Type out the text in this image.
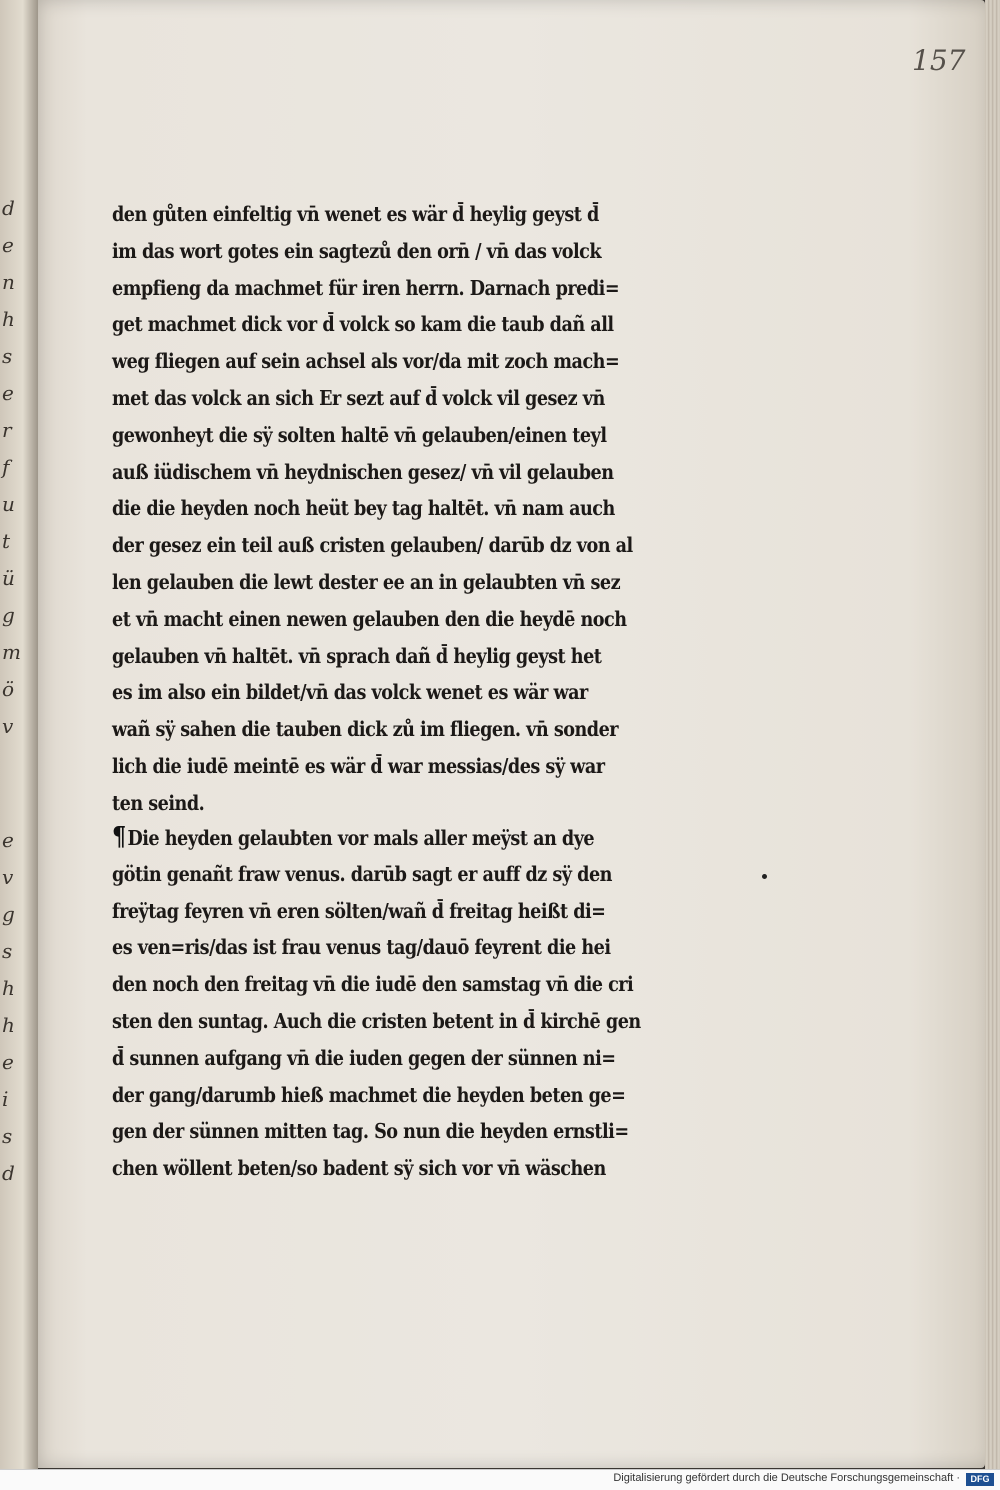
d
e
n
h
s
e
r
f
u
t
ü
g
m
ö
v
e
v
g
s
h
h
e
i
s
d
157
den gůten einfeltig vn̄ wenet es wär d̄ heylig geyst d̄
im das wort gotes ein sagtezů den orn̄ / vn̄ das volck
empfieng da machmet für iren herrn. Darnach predi=
get machmet dick vor d̄ volck so kam die taub dañ all
weg fliegen auf sein achsel als vor/da mit zoch mach=
met das volck an sich Er sezt auf d̄ volck vil gesez vn̄
gewonheyt die sÿ solten haltē vn̄ gelauben/einen teyl
auß iüdischem vn̄ heydnischen gesez/ vn̄ vil gelauben
die die heyden noch heüt bey tag haltēt. vn̄ nam auch
der gesez ein teil auß cristen gelauben/ darūb dz von al
len gelauben die lewt dester ee an in gelaubten vn̄ sez
et vn̄ macht einen newen gelauben den die heydē noch
gelauben vn̄ haltēt. vn̄ sprach dañ d̄ heylig geyst het
es im also ein bildet/vn̄ das volck wenet es wär war
wañ sÿ sahen die tauben dick zů im fliegen. vn̄ sonder
lich die iudē meintē es wär d̄ war messias/des sÿ war
ten seind.
¶Die heyden gelaubten vor mals aller meÿst an dye
götin genañt fraw venus. darūb sagt er auff dz sÿ den
freÿtag feyren vn̄ eren sölten/wañ d̄ freitag heißt di=
es ven=ris/das ist frau venus tag/dauō feyrent die hei
den noch den freitag vn̄ die iudē den samstag vn̄ die cri
sten den suntag. Auch die cristen betent in d̄ kirchē gen
d̄ sunnen aufgang vn̄ die iuden gegen der sünnen ni=
der gang/darumb hieß machmet die heyden beten ge=
gen der sünnen mitten tag. So nun die heyden ernstli=
chen wöllent beten/so badent sÿ sich vor vn̄ wäschen
Digitalisierung gefördert durch die Deutsche Forschungsgemeinschaft ·	DFG
